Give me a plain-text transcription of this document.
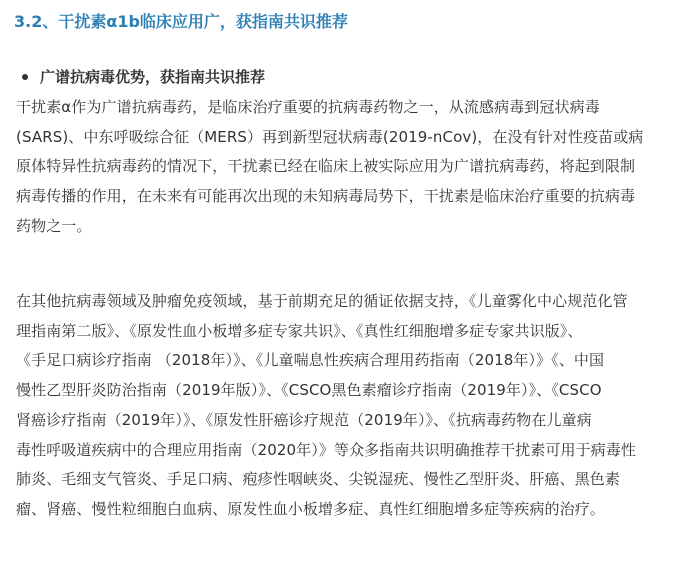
3.2、干扰素α1b临床应用广，获指南共识推荐
广谱抗病毒优势，获指南共识推荐

干扰素α作为广谱抗病毒药，是临床治疗重要的抗病毒药物之一，从流感病毒到冠状病毒
(SARS)、中东呼吸综合征（MERS）再到新型冠状病毒(2019-nCov)，在没有针对性疫苗或病
原体特异性抗病毒药的情况下，干扰素已经在临床上被实际应用为广谱抗病毒药，将起到限制
病毒传播的作用，在未来有可能再次出现的未知病毒局势下，干扰素是临床治疗重要的抗病毒
药物之一。

在其他抗病毒领域及肿瘤免疫领域，基于前期充足的循证依据支持，《儿童雾化中心规范化管
理指南第二版》、《原发性血小板增多症专家共识》、《真性红细胞增多症专家共识版》、
《手足口病诊疗指南 （2018年）》、《儿童喘息性疾病合理用药指南（2018年）》《、中国
慢性乙型肝炎防治指南（2019年版）》、《CSCO黑色素瘤诊疗指南（2019年）》、《CSCO
肾癌诊疗指南（2019年）》、《原发性肝癌诊疗规范（2019年）》、《抗病毒药物在儿童病
毒性呼吸道疾病中的合理应用指南（2020年）》等众多指南共识明确推荐干扰素可用于病毒性
肺炎、毛细支气管炎、手足口病、疱疹性咽峡炎、尖锐湿疣、慢性乙型肝炎、肝癌、黑色素
瘤、肾癌、慢性粒细胞白血病、原发性血小板增多症、真性红细胞增多症等疾病的治疗。
